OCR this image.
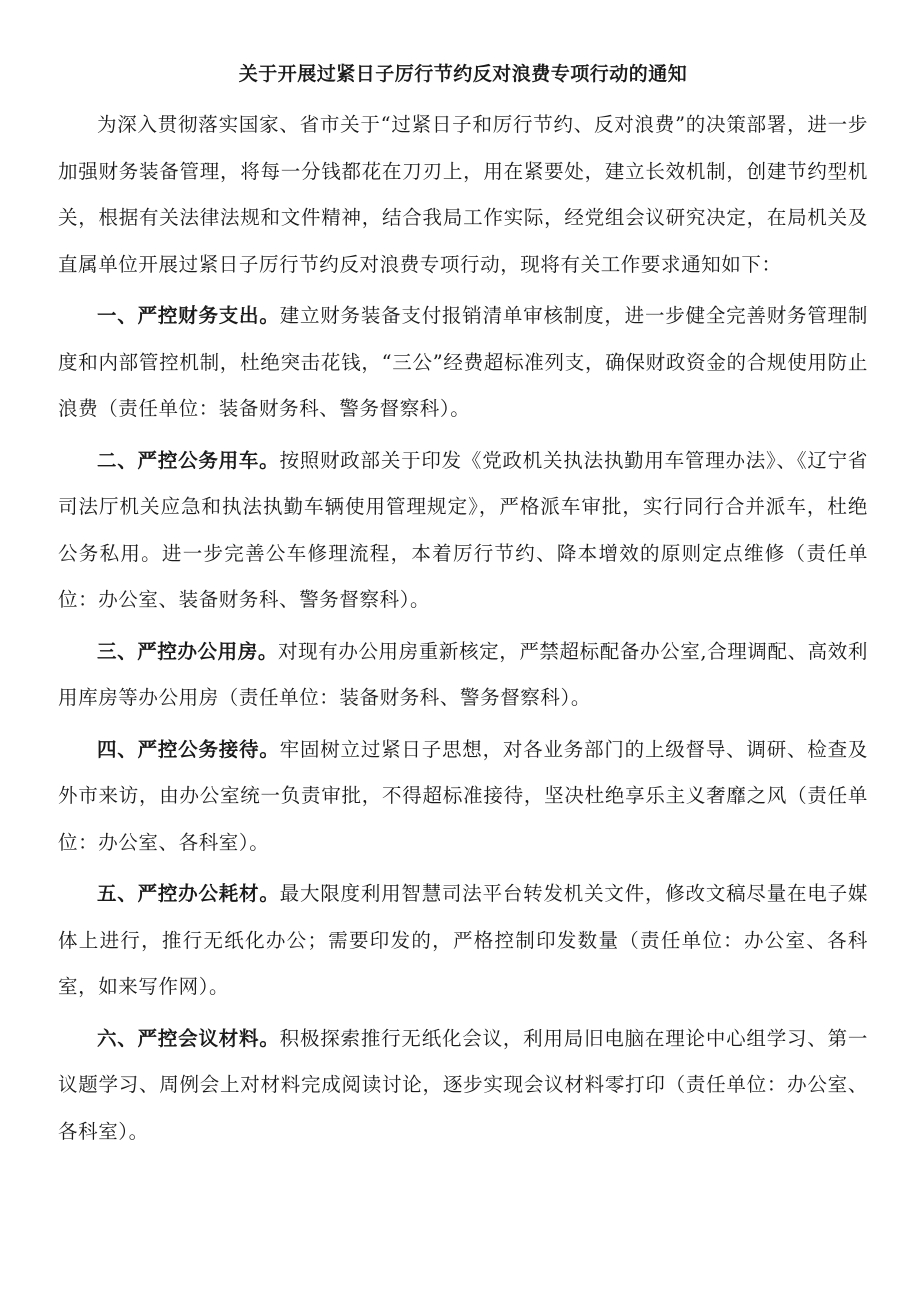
关于开展过紧日子厉行节约反对浪费专项行动的通知

为深入贯彻落实国家、省市关于“过紧日子和厉行节约、反对浪费”的决策部署，进一步加强财务装备管理，将每一分钱都花在刀刃上，用在紧要处，建立长效机制，创建节约型机关，根据有关法律法规和文件精神，结合我局工作实际，经党组会议研究决定，在局机关及直属单位开展过紧日子厉行节约反对浪费专项行动，现将有关工作要求通知如下：

一、严控财务支出。建立财务装备支付报销清单审核制度，进一步健全完善财务管理制度和内部管控机制，杜绝突击花钱，“三公”经费超标准列支，确保财政资金的合规使用防止浪费（责任单位：装备财务科、警务督察科）。

二、严控公务用车。按照财政部关于印发《党政机关执法执勤用车管理办法》、《辽宁省司法厅机关应急和执法执勤车辆使用管理规定》，严格派车审批，实行同行合并派车，杜绝公务私用。进一步完善公车修理流程，本着厉行节约、降本增效的原则定点维修（责任单位：办公室、装备财务科、警务督察科）。

三、严控办公用房。对现有办公用房重新核定，严禁超标配备办公室,合理调配、高效利用库房等办公用房（责任单位：装备财务科、警务督察科）。

四、严控公务接待。牢固树立过紧日子思想，对各业务部门的上级督导、调研、检查及外市来访，由办公室统一负责审批，不得超标准接待，坚决杜绝享乐主义奢靡之风（责任单位：办公室、各科室）。

五、严控办公耗材。最大限度利用智慧司法平台转发机关文件，修改文稿尽量在电子媒体上进行，推行无纸化办公；需要印发的，严格控制印发数量（责任单位：办公室、各科室，如来写作网）。

六、严控会议材料。积极探索推行无纸化会议，利用局旧电脑在理论中心组学习、第一议题学习、周例会上对材料完成阅读讨论，逐步实现会议材料零打印（责任单位：办公室、各科室）。
